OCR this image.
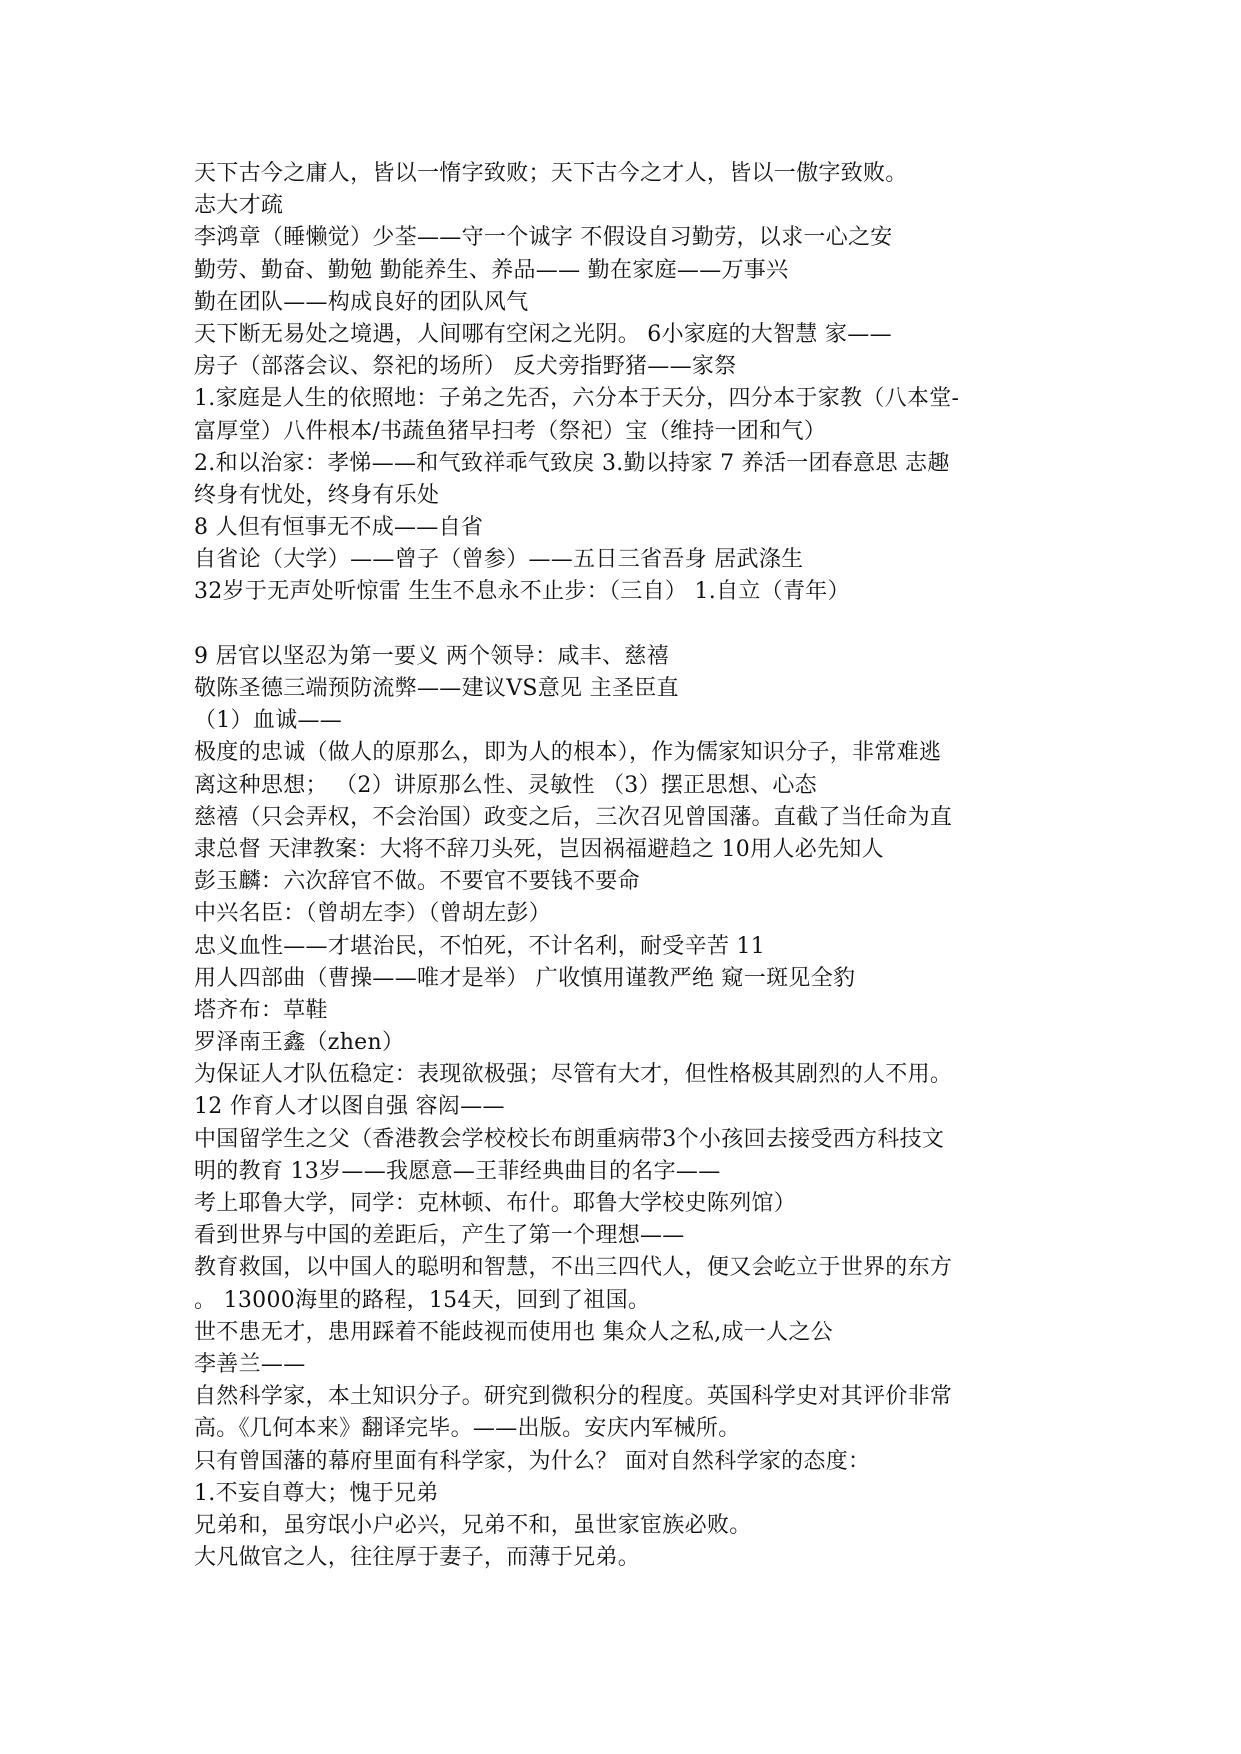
天下古今之庸人，皆以一惰字致败；天下古今之才人，皆以一傲字致败。
志大才疏
李鸿章（睡懒觉）少荃——守一个诚字 不假设自习勤劳，以求一心之安
勤劳、勤奋、勤勉 勤能养生、养品—— 勤在家庭——万事兴
勤在团队——构成良好的团队风气
天下断无易处之境遇，人间哪有空闲之光阴。 6小家庭的大智慧 家——
房子（部落会议、祭祀的场所） 反犬旁指野猪——家祭
1.家庭是人生的依照地：子弟之先否，六分本于天分，四分本于家教（八本堂-
富厚堂）八件根本/书蔬鱼猪早扫考（祭祀）宝（维持一团和气）
2.和以治家：孝悌——和气致祥乖气致戾 3.勤以持家 7 养活一团春意思 志趣
终身有忧处，终身有乐处
8 人但有恒事无不成——自省
自省论（大学）——曾子（曾参）——五日三省吾身 居武涤生
32岁于无声处听惊雷 生生不息永不止步：（三自） 1.自立（青年）
9 居官以坚忍为第一要义 两个领导：咸丰、慈禧
敬陈圣德三端预防流弊——建议VS意见 主圣臣直
（1）血诚——
极度的忠诚（做人的原那么，即为人的根本），作为儒家知识分子，非常难逃
离这种思想； （2）讲原那么性、灵敏性 （3）摆正思想、心态
慈禧（只会弄权，不会治国）政变之后，三次召见曾国藩。直截了当任命为直
隶总督 天津教案：大将不辞刀头死，岂因祸福避趋之 10用人必先知人
彭玉麟：六次辞官不做。不要官不要钱不要命
中兴名臣：（曾胡左李）（曾胡左彭）
忠义血性——才堪治民，不怕死，不计名利，耐受辛苦 11
用人四部曲（曹操——唯才是举） 广收慎用谨教严绝 窥一斑见全豹
塔齐布：草鞋
罗泽南王鑫（zhen）
为保证人才队伍稳定：表现欲极强；尽管有大才，但性格极其剧烈的人不用。
12 作育人才以图自强 容闳——
中国留学生之父（香港教会学校校长布朗重病带3个小孩回去接受西方科技文
明的教育 13岁——我愿意—王菲经典曲目的名字——
考上耶鲁大学，同学：克林顿、布什。耶鲁大学校史陈列馆）
看到世界与中国的差距后，产生了第一个理想——
教育救国，以中国人的聪明和智慧，不出三四代人，便又会屹立于世界的东方
。 13000海里的路程，154天，回到了祖国。
世不患无才，患用踩着不能歧视而使用也 集众人之私,成一人之公
李善兰——
自然科学家，本土知识分子。研究到微积分的程度。英国科学史对其评价非常
高。《几何本来》翻译完毕。——出版。安庆内军械所。
只有曾国藩的幕府里面有科学家，为什么？ 面对自然科学家的态度：
1.不妄自尊大；愧于兄弟
兄弟和，虽穷氓小户必兴，兄弟不和，虽世家宦族必败。
大凡做官之人，往往厚于妻子，而薄于兄弟。
